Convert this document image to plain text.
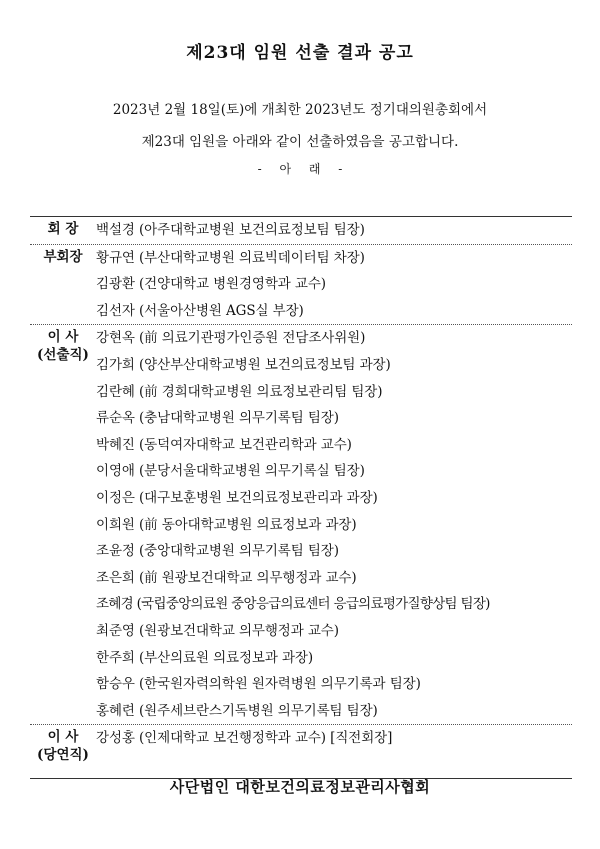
제23대 임원 선출 결과 공고
2023년 2월 18일(토)에 개최한 2023년도 정기대의원총회에서
제23대 임원을 아래와 같이 선출하였음을 공고합니다.
- 아 래 -
회 장	백설경 (아주대학교병원 보건의료정보팀 팀장)
부회장 황규연 (부산대학교병원 의료빅데이터팀 차장)
김광환 (건양대학교 병원경영학과 교수)
김선자 (서울아산병원 AGS실 부장)
이 사
(선출직)
강현옥 (前 의료기관평가인증원 전담조사위원)
김가희 (양산부산대학교병원 보건의료정보팀 과장)
김란혜 (前 경희대학교병원 의료정보관리팀 팀장)
류순옥 (충남대학교병원 의무기록팀 팀장)
박혜진 (동덕여자대학교 보건관리학과 교수)
이영애 (분당서울대학교병원 의무기록실 팀장)
이정은 (대구보훈병원 보건의료정보관리과 과장)
이희원 (前 동아대학교병원 의료정보과 과장)
조윤정 (중앙대학교병원 의무기록팀 팀장)
조은희 (前 원광보건대학교 의무행정과 교수)
조혜경 (국립중앙의료원 중앙응급의료센터 응급의료평가질향상팀 팀장)
최준영 (원광보건대학교 의무행정과 교수)
한주희 (부산의료원 의료정보과 과장)
함승우 (한국원자력의학원 원자력병원 의무기록과 팀장)
홍혜련 (원주세브란스기독병원 의무기록팀 팀장)
이 사
(당연직)
강성홍 (인제대학교 보건행정학과 교수) [직전회장]
사단법인 대한보건의료정보관리사협회
